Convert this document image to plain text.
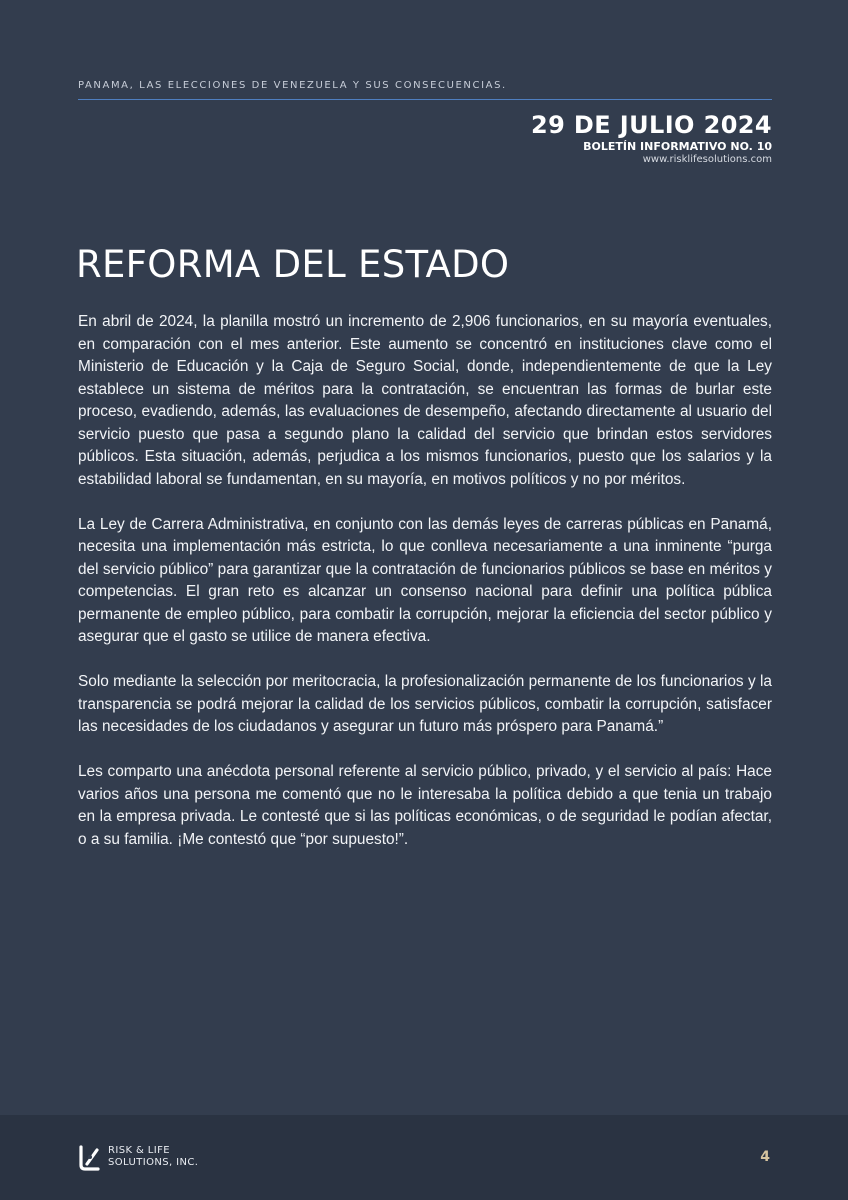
PANAMA, LAS ELECCIONES DE VENEZUELA Y SUS CONSECUENCIAS.
29 DE JULIO 2024
BOLETÍN INFORMATIVO NO. 10
www.risklifesolutions.com
REFORMA DEL ESTADO

En abril de 2024, la planilla mostró un incremento de 2,906 funcionarios, en su mayoría eventuales, en comparación con el mes anterior. Este aumento se concentró en instituciones clave como el Ministerio de Educación y la Caja de Seguro Social, donde, independientemente de que la Ley establece un sistema de méritos para la contratación, se encuentran las formas de burlar este proceso, evadiendo, además, las evaluaciones de desempeño, afectando directamente al usuario del servicio puesto que pasa a segundo plano la calidad del servicio que brindan estos servidores públicos. Esta situación, además, perjudica a los mismos funcionarios, puesto que los salarios y la estabilidad laboral se fundamentan, en su mayoría, en motivos políticos y no por méritos.

La Ley de Carrera Administrativa, en conjunto con las demás leyes de carreras públicas en Panamá, necesita una implementación más estricta, lo que conlleva necesariamente a una inminente “purga del servicio público” para garantizar que la contratación de funcionarios públicos se base en méritos y competencias. El gran reto es alcanzar un consenso nacional para definir una política pública permanente de empleo público, para combatir la corrupción, mejorar la eficiencia del sector público y asegurar que el gasto se utilice de manera efectiva.

Solo mediante la selección por meritocracia, la profesionalización permanente de los funcionarios y la transparencia se podrá mejorar la calidad de los servicios públicos, combatir la corrupción, satisfacer las necesidades de los ciudadanos y asegurar un futuro más próspero para Panamá.”

Les comparto una anécdota personal referente al servicio público, privado, y el servicio al país: Hace varios años una persona me comentó que no le interesaba la política debido a que tenia un trabajo en la empresa privada. Le contesté que si las políticas económicas, o de seguridad le podían afectar, o a su familia. ¡Me contestó que “por supuesto!”.

RISK & LIFE
SOLUTIONS, INC.	4
